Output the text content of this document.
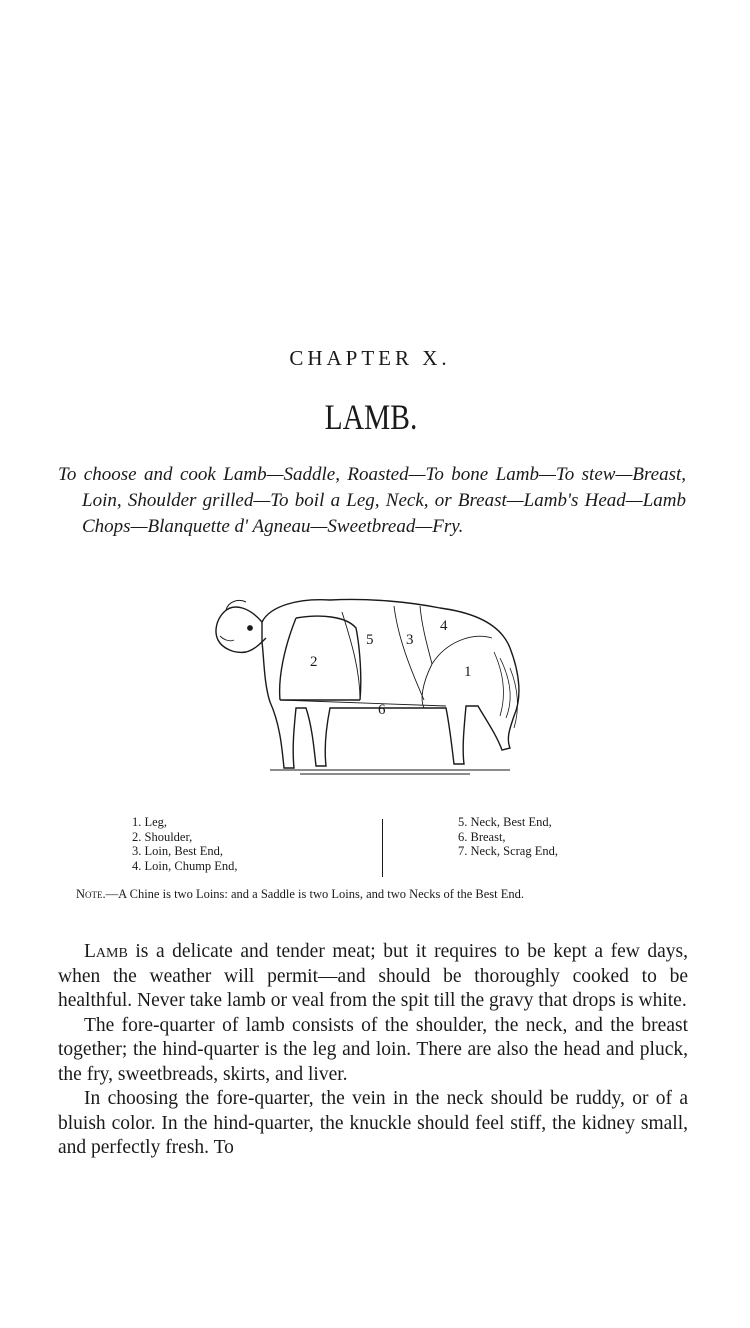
CHAPTER X.
LAMB.

To choose and cook Lamb—Saddle, Roasted—To bone Lamb—To stew—Breast, Loin, Shoulder grilled—To boil a Leg, Neck, or Breast—Lamb's Head—Lamb Chops—Blanquette d' Agneau—Sweetbread—Fry.

2
5 3
4
1
6
1. Leg,
2. Shoulder,
3. Loin, Best End,
4. Loin, Chump End,
5. Neck, Best End,
6. Breast,
7. Neck, Scrag End,

Note.—A Chine is two Loins: and a Saddle is two Loins, and two Necks of the Best End.

Lamb is a delicate and tender meat; but it requires to be kept a few days, when the weather will permit—and should be thoroughly cooked to be healthful. Never take lamb or veal from the spit till the gravy that drops is white.

The fore-quarter of lamb consists of the shoulder, the neck, and the breast together; the hind-quarter is the leg and loin. There are also the head and pluck, the fry, sweetbreads, skirts, and liver.

In choosing the fore-quarter, the vein in the neck should be ruddy, or of a bluish color. In the hind-quarter, the knuckle should feel stiff, the kidney small, and perfectly fresh. To
